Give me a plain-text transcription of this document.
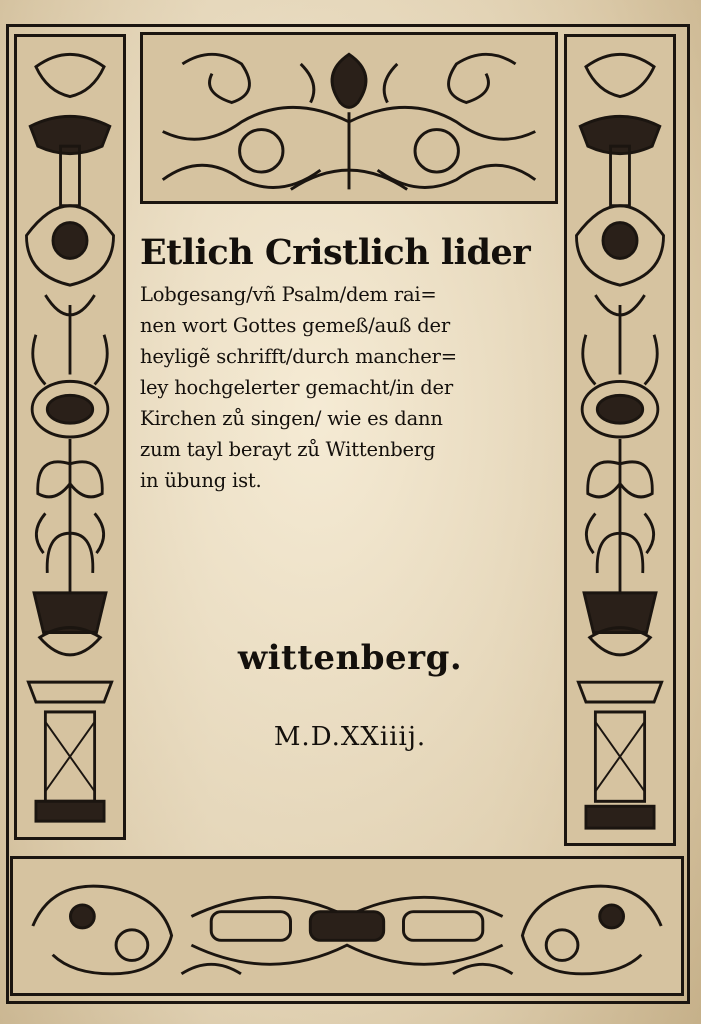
Etlich Cristlich lider
Lobgesang/vñ Psalm/dem rai=
nen wort Gottes gemeß/auß der
heyligẽ schrifft/durch mancher=
ley hochgelerter gemacht/in der
Kirchen zů singen/ wie es dann
zum tayl berayt zů Wittenberg
in übung ist.
wittenberg.
M.D.XXiiij.
